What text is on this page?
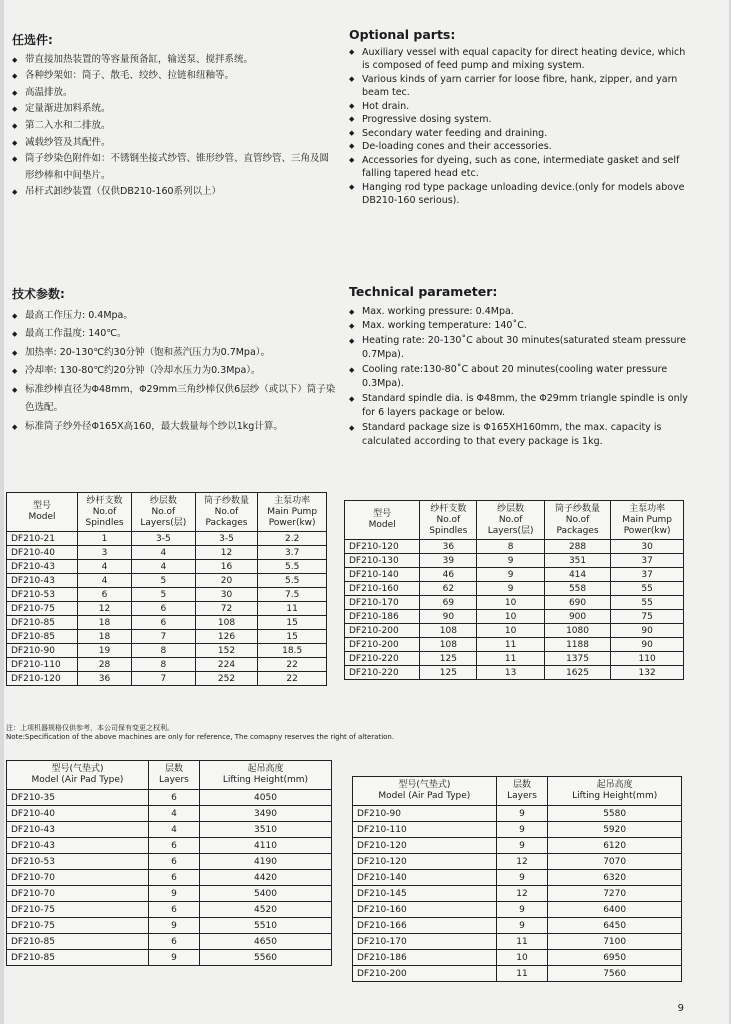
任选件:
◆ 带直接加热装置的等容量预备缸，输送泵、搅拌系统。
◆ 各种纱架如：筒子、散毛、绞纱、拉链和纽釉等。
◆ 高温排放。
◆ 定量渐进加料系统。
◆ 第二入水和二排放。
◆ 减载纱管及其配件。
◆ 筒子纱染色附件如：不锈钢坐接式纱管、锥形纱管、直管纱管、三角及圆形纱棒和中间垫片。
◆ 吊杆式卸纱装置（仅供DB210-160系列以上）
Optional parts:
◆ Auxiliary vessel with equal capacity for direct heating device, which is composed of feed pump and mixing system.
◆ Various kinds of yarn carrier for loose fibre, hank, zipper, and yarn beam tec.
◆ Hot drain.
◆ Progressive dosing system.
◆ Secondary water feeding and draining.
◆ De-loading cones and their accessories.
◆ Accessories for dyeing, such as cone, intermediate gasket and self falling tapered head etc.
◆ Hanging rod type package unloading device.(only for models above DB210-160 serious).
技术参数:
◆ 最高工作压力: 0.4Mpa。
◆ 最高工作温度: 140℃。
◆ 加热率: 20-130℃约30分钟（饱和蒸汽压力为0.7Mpa）。
◆ 冷却率: 130-80℃约20分钟（冷却水压力为0.3Mpa）。
◆ 标准纱棒直径为Φ48mm，Φ29mm三角纱棒仅供6层纱（或以下）筒子染色选配。
◆ 标准筒子纱外径Φ165X高160，最大载量每个纱以1kg计算。
Technical parameter:
◆ Max. working pressure: 0.4Mpa.
◆ Max. working temperature: 140˚C.
◆ Heating rate: 20-130˚C about 30 minutes(saturated steam pressure 0.7Mpa).
◆ Cooling rate:130-80˚C about 20 minutes(cooling water pressure 0.3Mpa).
◆ Standard spindle dia. is Φ48mm, the Φ29mm triangle spindle is only for 6 layers package or below.
◆ Standard package size is Φ165XH160mm, the max. capacity is calculated according to that every package is 1kg.
型号
Model	纱杆支数
No.of
Spindles	纱层数
No.of
Layers(层)	筒子纱数量
No.of
Packages	主泵功率
Main Pump
Power(kw)
DF210-21	1	3-5	3-5	2.2
DF210-40	3	4	12	3.7
DF210-43	4	4	16	5.5
DF210-43	4	5	20	5.5
DF210-53	6	5	30	7.5
DF210-75	12	6	72	11
DF210-85	18	6	108	15
DF210-85	18	7	126	15
DF210-90	19	8	152	18.5
DF210-110	28	8	224	22
DF210-120	36	7	252	22
型号
Model	纱杆支数
No.of
Spindles	纱层数
No.of
Layers(层)	筒子纱数量
No.of
Packages	主泵功率
Main Pump
Power(kw)
DF210-120	36	8	288	30
DF210-130	39	9	351	37
DF210-140	46	9	414	37
DF210-160	62	9	558	55
DF210-170	69	10	690	55
DF210-186	90	10	900	75
DF210-200	108	10	1080	90
DF210-200	108	11	1188	90
DF210-220	125	11	1375	110
DF210-220	125	13	1625	132
注：上项机器规格仅供参考，本公司保有变更之权利。
Note:Specification of the above machines are only for reference, The comapny reserves the right of alteration.
型号(气垫式)
Model (Air Pad Type)	层数
Layers	起吊高度
Lifting Height(mm)
DF210-35	6	4050
DF210-40	4	3490
DF210-43	4	3510
DF210-43	6	4110
DF210-53	6	4190
DF210-70	6	4420
DF210-70	9	5400
DF210-75	6	4520
DF210-75	9	5510
DF210-85	6	4650
DF210-85	9	5560
型号(气垫式)
Model (Air Pad Type)	层数
Layers	起吊高度
Lifting Height(mm)
DF210-90	9	5580
DF210-110	9	5920
DF210-120	9	6120
DF210-120	12	7070
DF210-140	9	6320
DF210-145	12	7270
DF210-160	9	6400
DF210-166	9	6450
DF210-170	11	7100
DF210-186	10	6950
DF210-200	11	7560
9
